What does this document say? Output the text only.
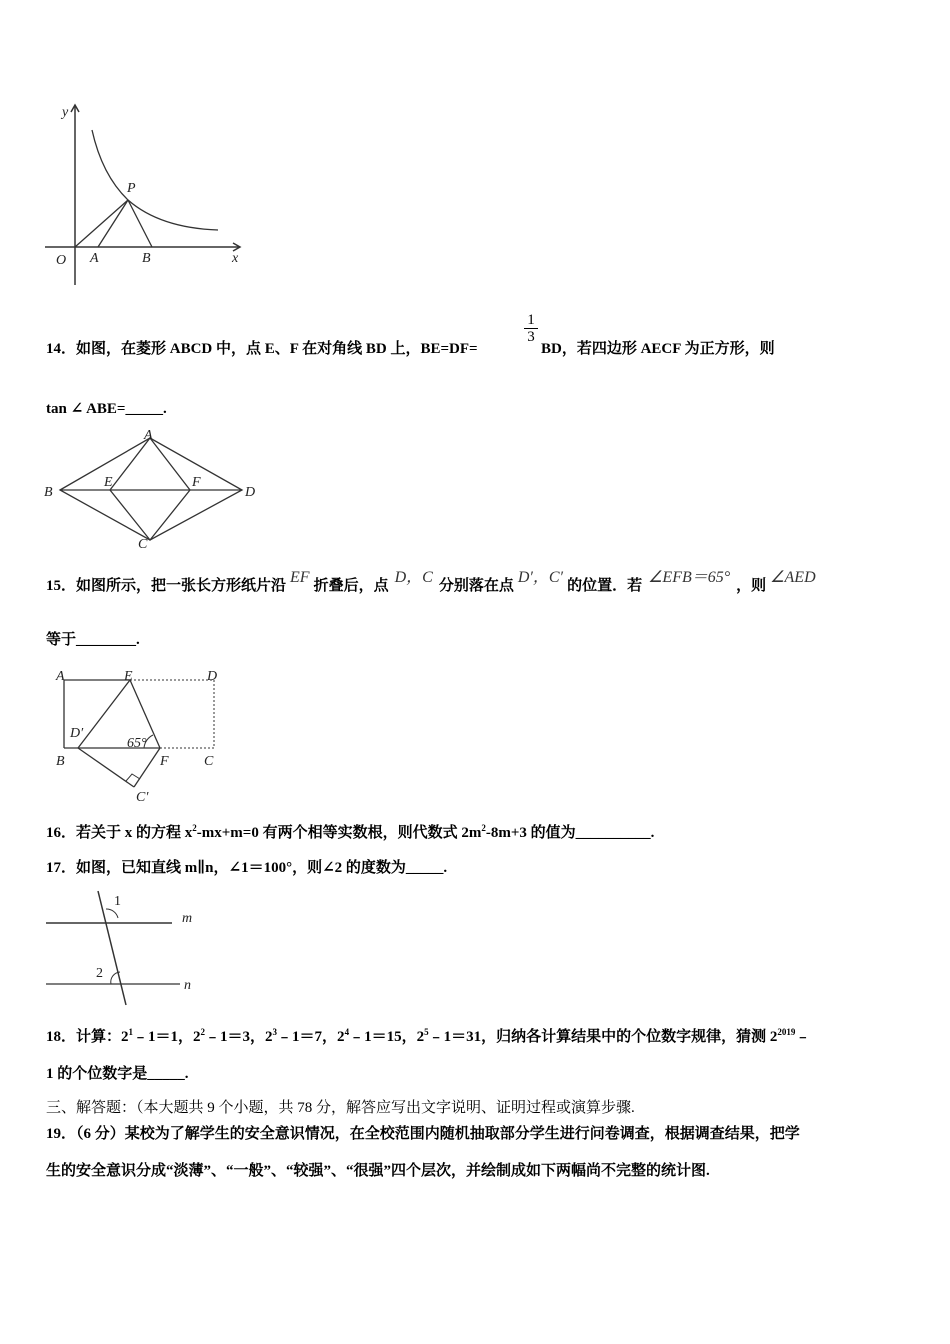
y
x
O A	B
P
1
3
14．如图，在菱形 ABCD 中，点 E、F 在对角线 BD 上，BE=DF=	BD，若四边形 AECF 为正方形，则
tan ∠ ABE=_____.
A
B
C
D
E	F
15．如图所示，把一张长方形纸片沿 EF 折叠后，点 D，C 分别落在点 D′，C′ 的位置．若 ∠EFB＝65° ，则 ∠AED
等于________.
A	E	D
D′
65°
B	F	C
C′
16．若关于 x 的方程 $x^2-mx+m=0$ 有两个相等实数根，则代数式 $2m^2-8m+3$ 的值为__________.
17．如图，已知直线 m∥n，∠1＝100°，则∠2 的度数为_____.
1
2
m
n
18．计算：$2^1﹣1=1$，$2^2﹣1=3$，$2^3﹣1=7$，$2^4﹣1=15$，$2^5﹣1=31$，归纳各计算结果中的个位数字规律，猜测 $2^{2019}﹣$
1 的个位数字是_____.
三、解答题：（本大题共 9 个小题，共 78 分，解答应写出文字说明、证明过程或演算步骤.
19．（6 分）某校为了解学生的安全意识情况，在全校范围内随机抽取部分学生进行问卷调查，根据调查结果，把学
生的安全意识分成“淡薄”、“一般”、“较强”、“很强”四个层次，并绘制成如下两幅尚不完整的统计图.
